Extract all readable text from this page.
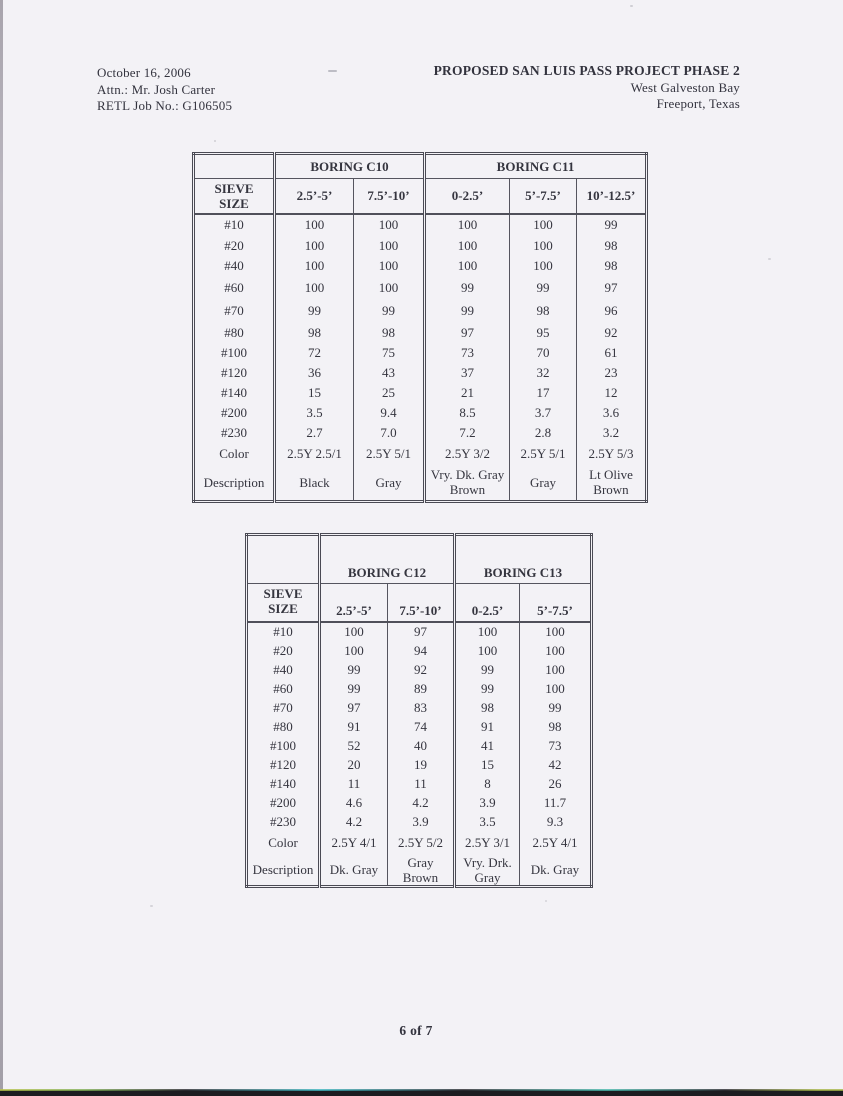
October 16, 2006
Attn.: Mr. Josh Carter
RETL Job No.: G106505
PROPOSED SAN LUIS PASS PROJECT PHASE 2
West Galveston Bay
Freeport, Texas
	BORING C10		BORING C11		
SIEVE
SIZE	2.5’-5’	7.5’-10’	0-2.5’	5’-7.5’	10’-12.5’
#10	100	100	100	100	99
#20	100	100	100	100	98
#40	100	100	100	100	98
#60	100	100	99	99	97
#70	99	99	99	98	96
#80	98	98	97	95	92
#100	72	75	73	70	61
#120	36	43	37	32	23
#140	15	25	21	17	12
#200	3.5	9.4	8.5	3.7	3.6
#230	2.7	7.0	7.2	2.8	3.2
Color	2.5Y 2.5/1	2.5Y 5/1	2.5Y 3/2	2.5Y 5/1	2.5Y 5/3
Description	Black	Gray	Vry. Dk. Gray Brown	Gray	Lt Olive Brown
	BORING C12		BORING C13	
SIEVE
SIZE	2.5’-5’	7.5’-10’	0-2.5’	5’-7.5’
#10	100	97	100	100
#20	100	94	100	100
#40	99	92	99	100
#60	99	89	99	100
#70	97	83	98	99
#80	91	74	91	98
#100	52	40	41	73
#120	20	19	15	42
#140	11	11	8	26
#200	4.6	4.2	3.9	11.7
#230	4.2	3.9	3.5	9.3
Color	2.5Y 4/1	2.5Y 5/2	2.5Y 3/1	2.5Y 4/1
Description	Dk. Gray	Gray Brown	Vry. Drk. Gray	Dk. Gray
6 of 7
